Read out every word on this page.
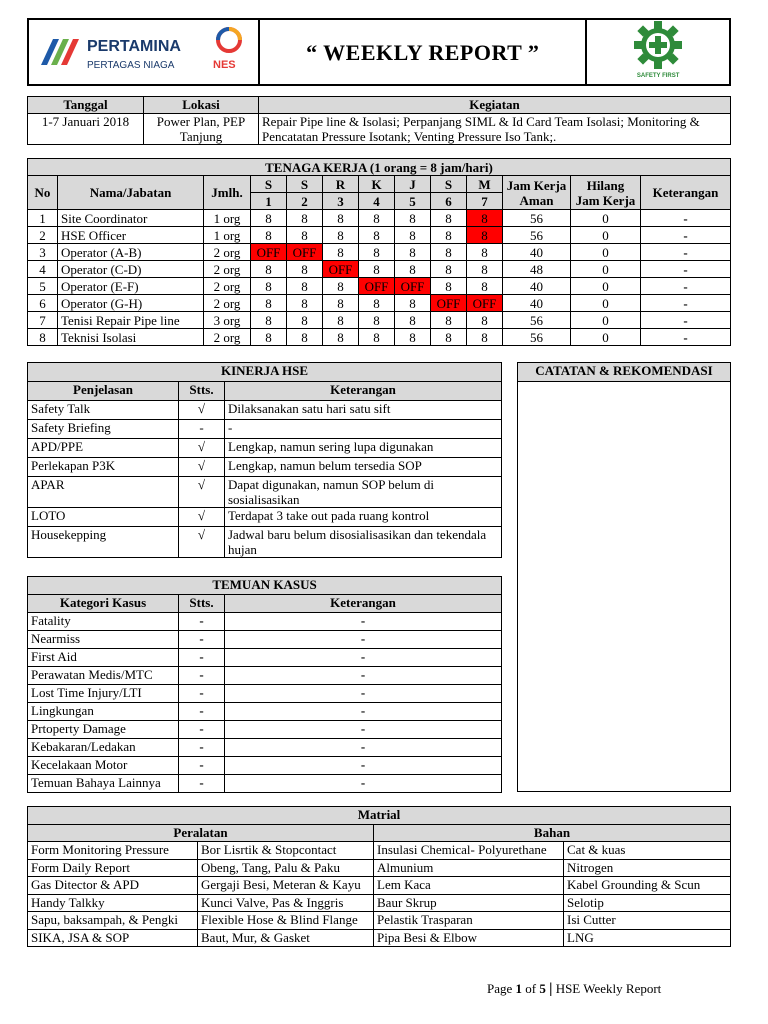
PERTAMINA
PERTAGAS NIAGA	NES
	“ WEEKLY REPORT ”	
SAFETY FIRST
Tanggal	Lokasi	Kegiatan
1-7 Januari 2018	Power Plan, PEP Tanjung	Repair Pipe line & Isolasi; Perpanjang SIML & Id Card Team Isolasi; Monitoring & Pencatatan Pressure Isotank; Venting Pressure Iso Tank;.
TENAGA KERJA (1 orang = 8 jam/hari)												
No	Nama/Jabatan	Jmlh.	S	S	R	K	J	S	M	Jam Kerja Aman	Hilang Jam Kerja	Keterangan
			1	2	3	4	5	6	7			
1	Site Coordinator	1 org	8	8	8	8	8	8	8	56	0	-
2	HSE Officer	1 org	8	8	8	8	8	8	8	56	0	-
3	Operator (A-B)	2 org	OFF	OFF	8	8	8	8	8	40	0	-
4	Operator (C-D)	2 org	8	8	OFF	8	8	8	8	48	0	-
5	Operator (E-F)	2 org	8	8	8	OFF	OFF	8	8	40	0	-
6	Operator (G-H)	2 org	8	8	8	8	8	OFF	OFF	40	0	-
7	Tenisi Repair Pipe line	3 org	8	8	8	8	8	8	8	56	0	-
8	Teknisi Isolasi	2 org	8	8	8	8	8	8	8	56	0	-
KINERJA HSE		
Penjelasan	Stts.	Keterangan
Safety Talk	√	Dilaksanakan satu hari satu sift
Safety Briefing	-	-
APD/PPE	√	Lengkap, namun sering lupa digunakan
Perlekapan P3K	√	Lengkap, namun belum tersedia SOP
APAR	√	Dapat digunakan, namun SOP belum di sosialisasikan
LOTO	√	Terdapat 3 take out pada ruang kontrol
Housekepping	√	Jadwal baru belum disosialisasikan dan tekendala hujan
CATATAN & REKOMENDASI

TEMUAN KASUS		
Kategori Kasus	Stts.	Keterangan
Fatality	-	-
Nearmiss	-	-
First Aid	-	-
Perawatan Medis/MTC	-	-
Lost Time Injury/LTI	-	-
Lingkungan	-	-
Prtoperty Damage	-	-
Kebakaran/Ledakan	-	-
Kecelakaan Motor	-	-
Temuan Bahaya Lainnya	-	-
Matrial			
Peralatan		Bahan	
Form Monitoring Pressure	Bor Lisrtik & Stopcontact	Insulasi Chemical- Polyurethane	Cat & kuas
Form Daily Report	Obeng, Tang, Palu & Paku	Almunium	Nitrogen
Gas Ditector & APD	Gergaji Besi, Meteran & Kayu	Lem Kaca	Kabel Grounding & Scun
Handy Talkky	Kunci Valve, Pas & Inggris	Baur Skrup	Selotip
Sapu, baksampah, & Pengki	Flexible Hose & Blind Flange	Pelastik Trasparan	Isi Cutter
SIKA, JSA & SOP	Baut, Mur, & Gasket	Pipa Besi & Elbow	LNG
Page 1 of 5 | HSE Weekly Report
